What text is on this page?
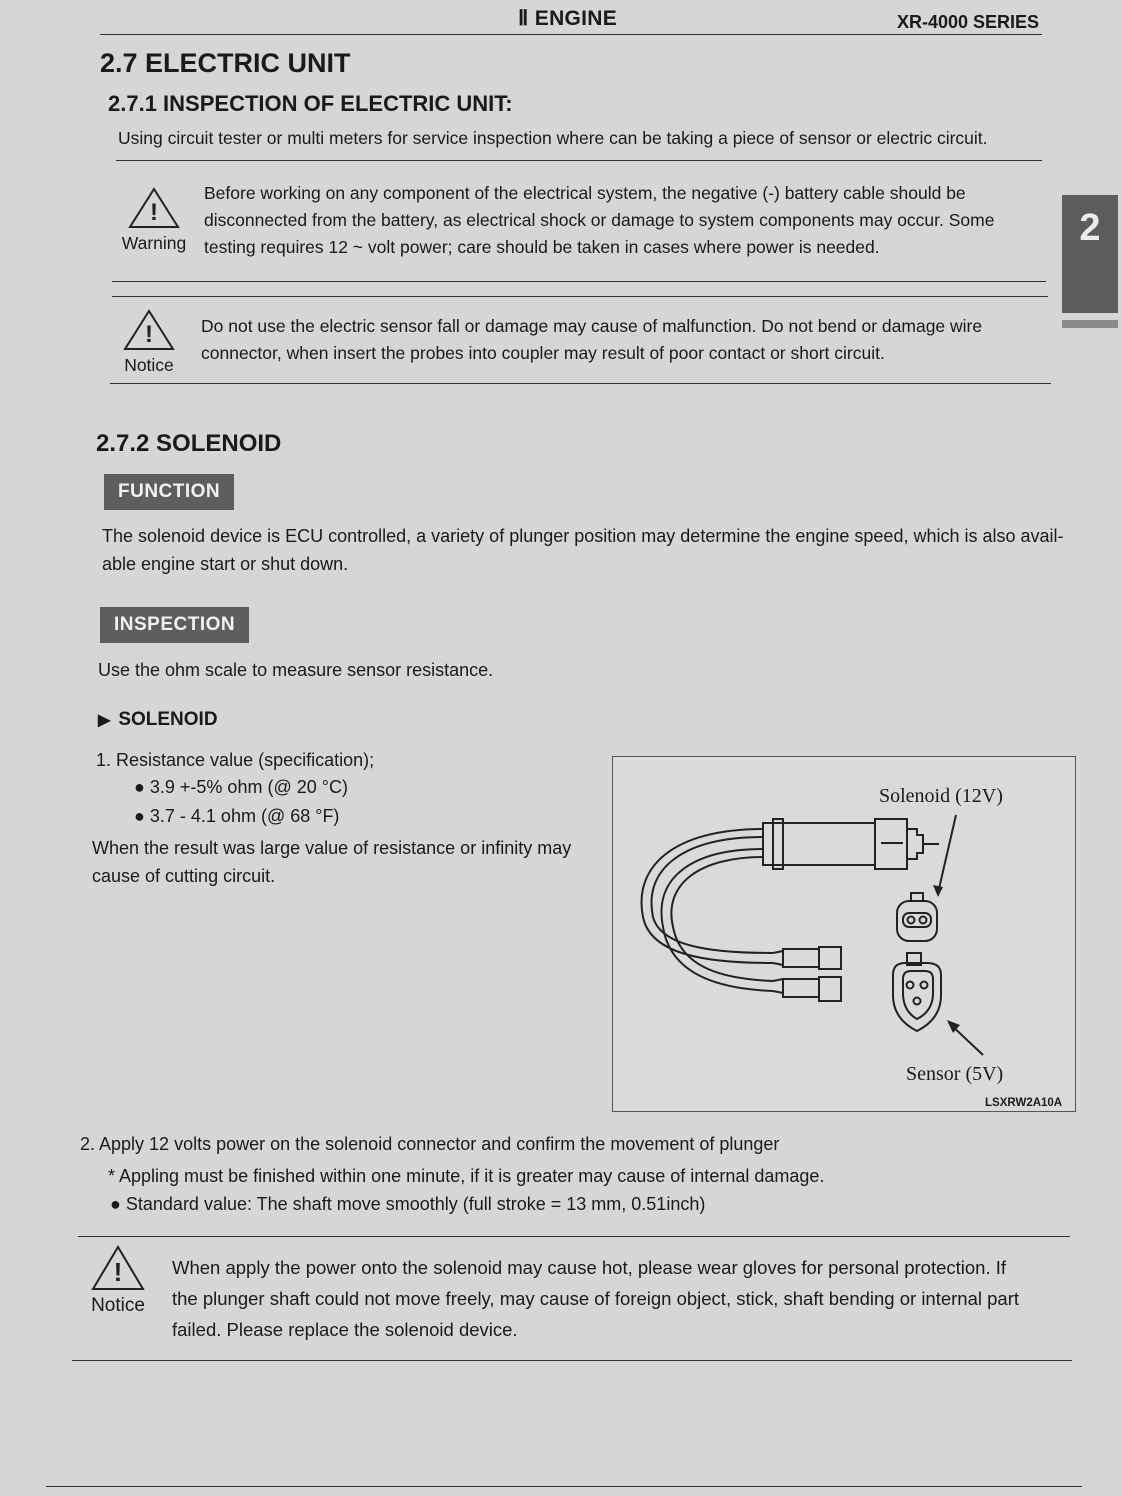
Ⅱ ENGINE	XR-4000 SERIES
2.7 ELECTRIC UNIT
2.7.1 INSPECTION OF ELECTRIC UNIT:
Using circuit tester or multi meters for service inspection where can be taking a piece of sensor or electric circuit.
!
Warning
Before working on any component of the electrical system, the negative (-) battery cable should be
disconnected from the battery, as electrical shock or damage to system components may occur. Some
testing requires 12 ~ volt power; care should be taken in cases where power is needed.	2
!
Notice
Do not use the electric sensor fall or damage may cause of malfunction. Do not bend or damage wire
connector, when insert the probes into coupler may result of poor contact or short circuit.
2.7.2 SOLENOID
FUNCTION
The solenoid device is ECU controlled, a variety of plunger position may determine the engine speed, which is also avail-
able engine start or shut down.
INSPECTION
Use the ohm scale to measure sensor resistance.
▶ SOLENOID
1. Resistance value (specification);
● 3.9 +-5% ohm (@ 20 °C)
● 3.7 - 4.1 ohm (@ 68 °F)
When the result was large value of resistance or infinity may
cause of cutting circuit.
Solenoid (12V)
Sensor (5V)
LSXRW2A10A
2. Apply 12 volts power on the solenoid connector and confirm the movement of plunger
* Appling must be finished within one minute, if it is greater may cause of internal damage.
● Standard value: The shaft move smoothly (full stroke = 13 mm, 0.51inch)
!
Notice
When apply the power onto the solenoid may cause hot, please wear gloves for personal protection. If
the plunger shaft could not move freely, may cause of foreign object, stick, shaft bending or internal part
failed. Please replace the solenoid device.
